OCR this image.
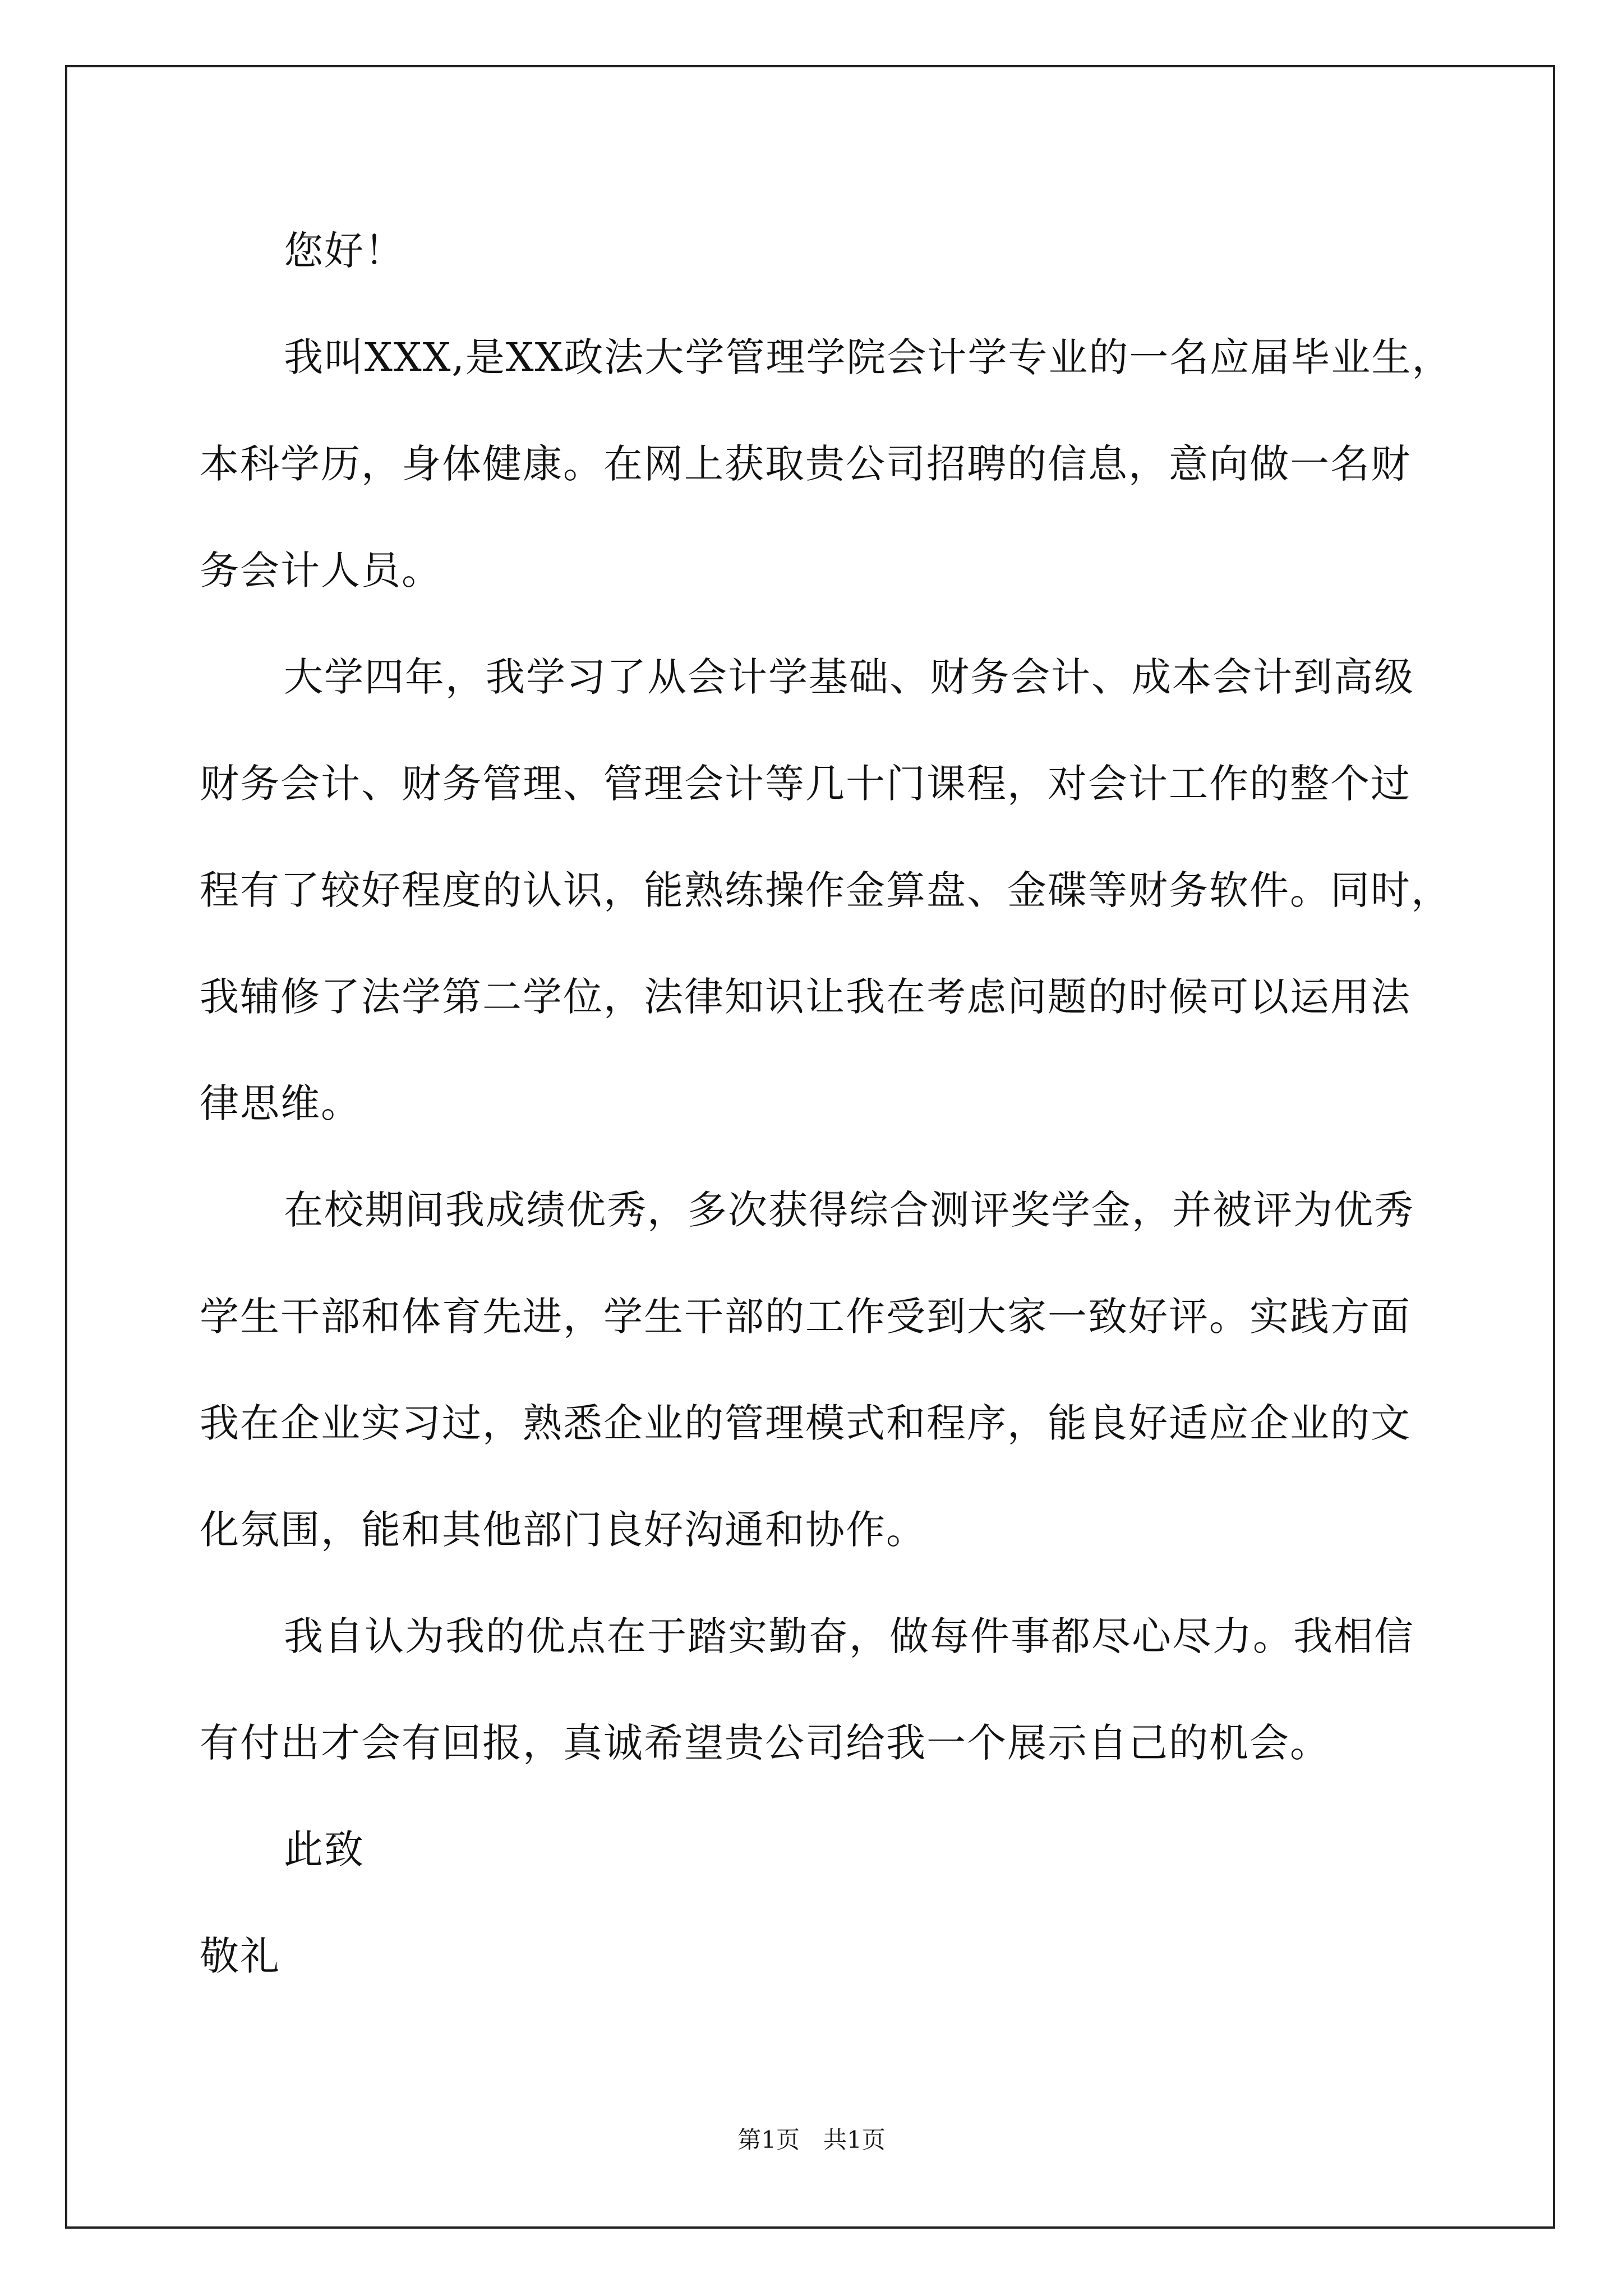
您好！
我叫XXX,是XX政法大学管理学院会计学专业的一名应届毕业生，
本科学历，身体健康。在网上获取贵公司招聘的信息，意向做一名财
务会计人员。
大学四年，我学习了从会计学基础、财务会计、成本会计到高级
财务会计、财务管理、管理会计等几十门课程，对会计工作的整个过
程有了较好程度的认识，能熟练操作金算盘、金碟等财务软件。同时，
我辅修了法学第二学位，法律知识让我在考虑问题的时候可以运用法
律思维。
在校期间我成绩优秀，多次获得综合测评奖学金，并被评为优秀
学生干部和体育先进，学生干部的工作受到大家一致好评。实践方面
我在企业实习过，熟悉企业的管理模式和程序，能良好适应企业的文
化氛围，能和其他部门良好沟通和协作。
我自认为我的优点在于踏实勤奋，做每件事都尽心尽力。我相信
有付出才会有回报，真诚希望贵公司给我一个展示自己的机会。
此致
敬礼
第1页　共1页
